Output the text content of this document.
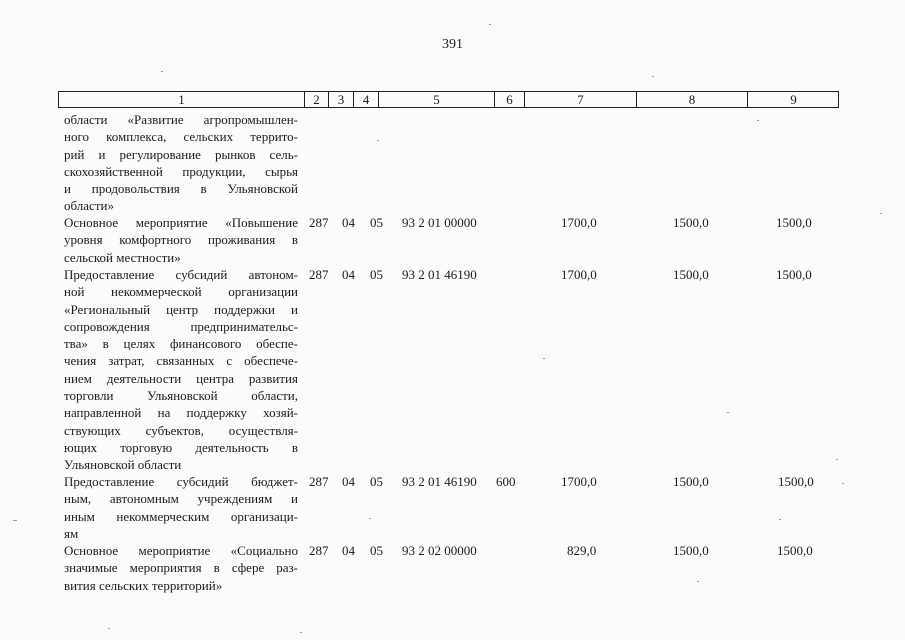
391
1	2	3	4	5	6	7	8	9
области «Развитие агропромышлен-
ного комплекса, сельских террито-
рий и регулирование рынков сель-
скохозяйственной продукции, сырья
и продовольствия в Ульяновской
области»
Основное мероприятие «Повышение
уровня комфортного проживания в
сельской местности»
287 04 05 93 2 01 00000	1700,0	1500,0	1500,0
Предоставление субсидий автоном-
ной некоммерческой организации
«Региональный центр поддержки и
сопровождения предпринимательс-
тва» в целях финансового обеспе-
чения затрат, связанных с обеспече-
нием деятельности центра развития
торговли Ульяновской области,
направленной на поддержку хозяй-
ствующих субъектов, осуществля-
ющих торговую деятельность в
Ульяновской области
287 04 05 93 2 01 46190	1700,0	1500,0	1500,0
Предоставление субсидий бюджет-
ным, автономным учреждениям и
иным некоммерческим организаци-
ям
287 04 05 93 2 01 46190 600	1700,0	1500,0	1500,0
Основное мероприятие «Социально
значимые мероприятия в сфере раз-
вития сельских территорий»
287 04 05 93 2 02 00000	829,0	1500,0	1500,0
